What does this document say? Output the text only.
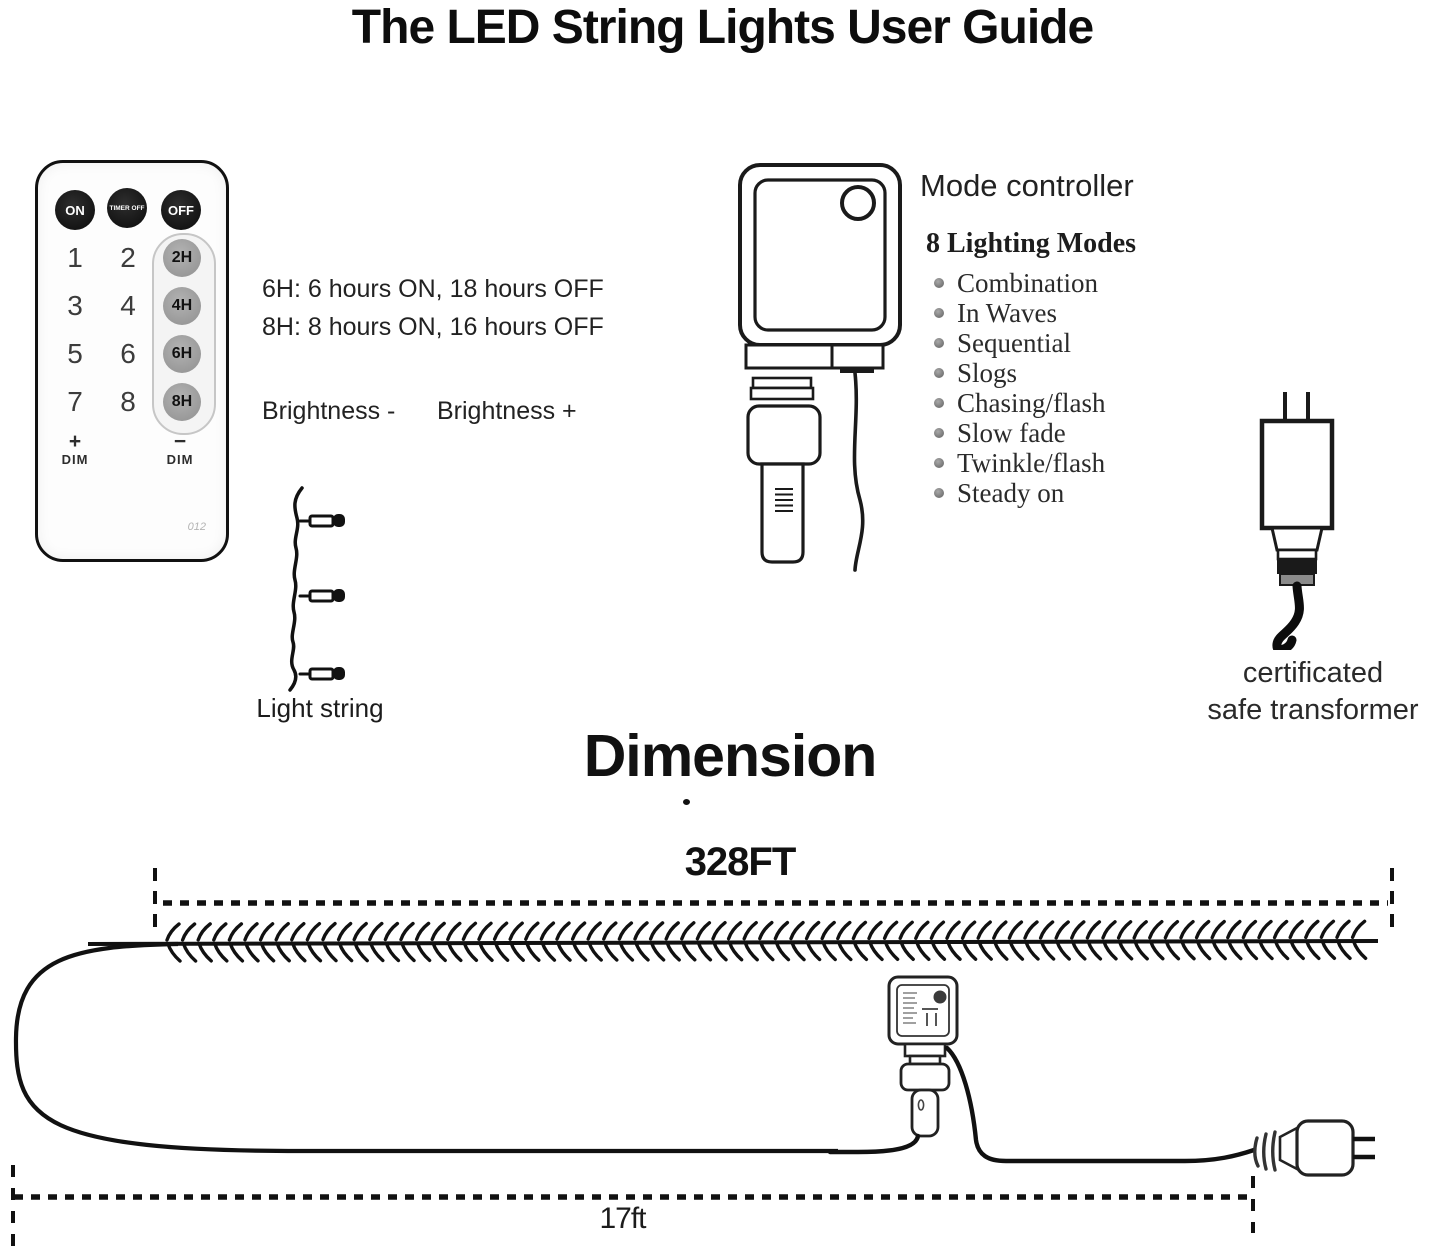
The LED String Lights User Guide
ON	TIMER OFF	OFF
2H
4H
6H
8H
1 2
3 4
5 6
7 8
+
DIM
−
DIM
012
6H: 6 hours ON, 18 hours OFF
8H: 8 hours ON, 16 hours OFF
Brightness - Brightness +
Light string
Mode controller
8 Lighting Modes
Combination
In Waves
Sequential
Slogs
Chasing/flash
Slow fade
Twinkle/flash
Steady on
certificated
safe transformer
Dimension
328FT
17ft
